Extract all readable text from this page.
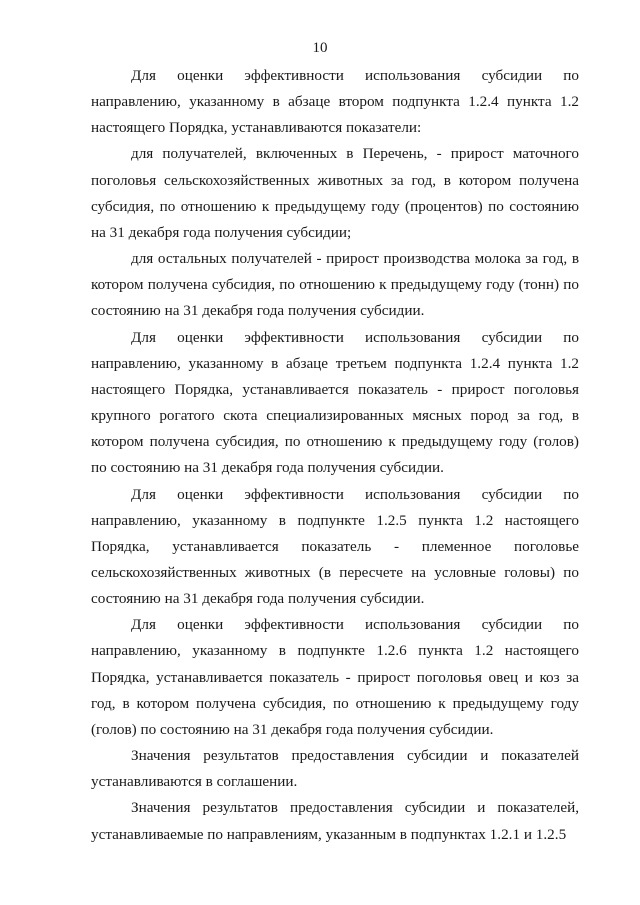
10

Для оценки эффективности использования субсидии по направлению, указанному в абзаце втором подпункта 1.2.4 пункта 1.2 настоящего Порядка, устанавливаются показатели:

для получателей, включенных в Перечень, - прирост маточного поголовья сельскохозяйственных животных за год, в котором получена субсидия, по отношению к предыдущему году (процентов) по состоянию на 31 декабря года получения субсидии;

для остальных получателей - прирост производства молока за год, в котором получена субсидия, по отношению к предыдущему году (тонн) по состоянию на 31 декабря года получения субсидии.

Для оценки эффективности использования субсидии по направлению, указанному в абзаце третьем подпункта 1.2.4 пункта 1.2 настоящего Порядка, устанавливается показатель - прирост поголовья крупного рогатого скота специализированных мясных пород за год, в котором получена субсидия, по отношению к предыдущему году (голов) по состоянию на 31 декабря года получения субсидии.

Для оценки эффективности использования субсидии по направлению, указанному в подпункте 1.2.5 пункта 1.2 настоящего Порядка, устанавливается показатель - племенное поголовье сельскохозяйственных животных (в пересчете на условные головы) по состоянию на 31 декабря года получения субсидии.

Для оценки эффективности использования субсидии по направлению, указанному в подпункте 1.2.6 пункта 1.2 настоящего Порядка, устанавливается показатель - прирост поголовья овец и коз за год, в котором получена субсидия, по отношению к предыдущему году (голов) по состоянию на 31 декабря года получения субсидии.

Значения результатов предоставления субсидии и показателей устанавливаются в соглашении.

Значения результатов предоставления субсидии и показателей, устанавливаемые по направлениям, указанным в подпунктах 1.2.1 и 1.2.5
